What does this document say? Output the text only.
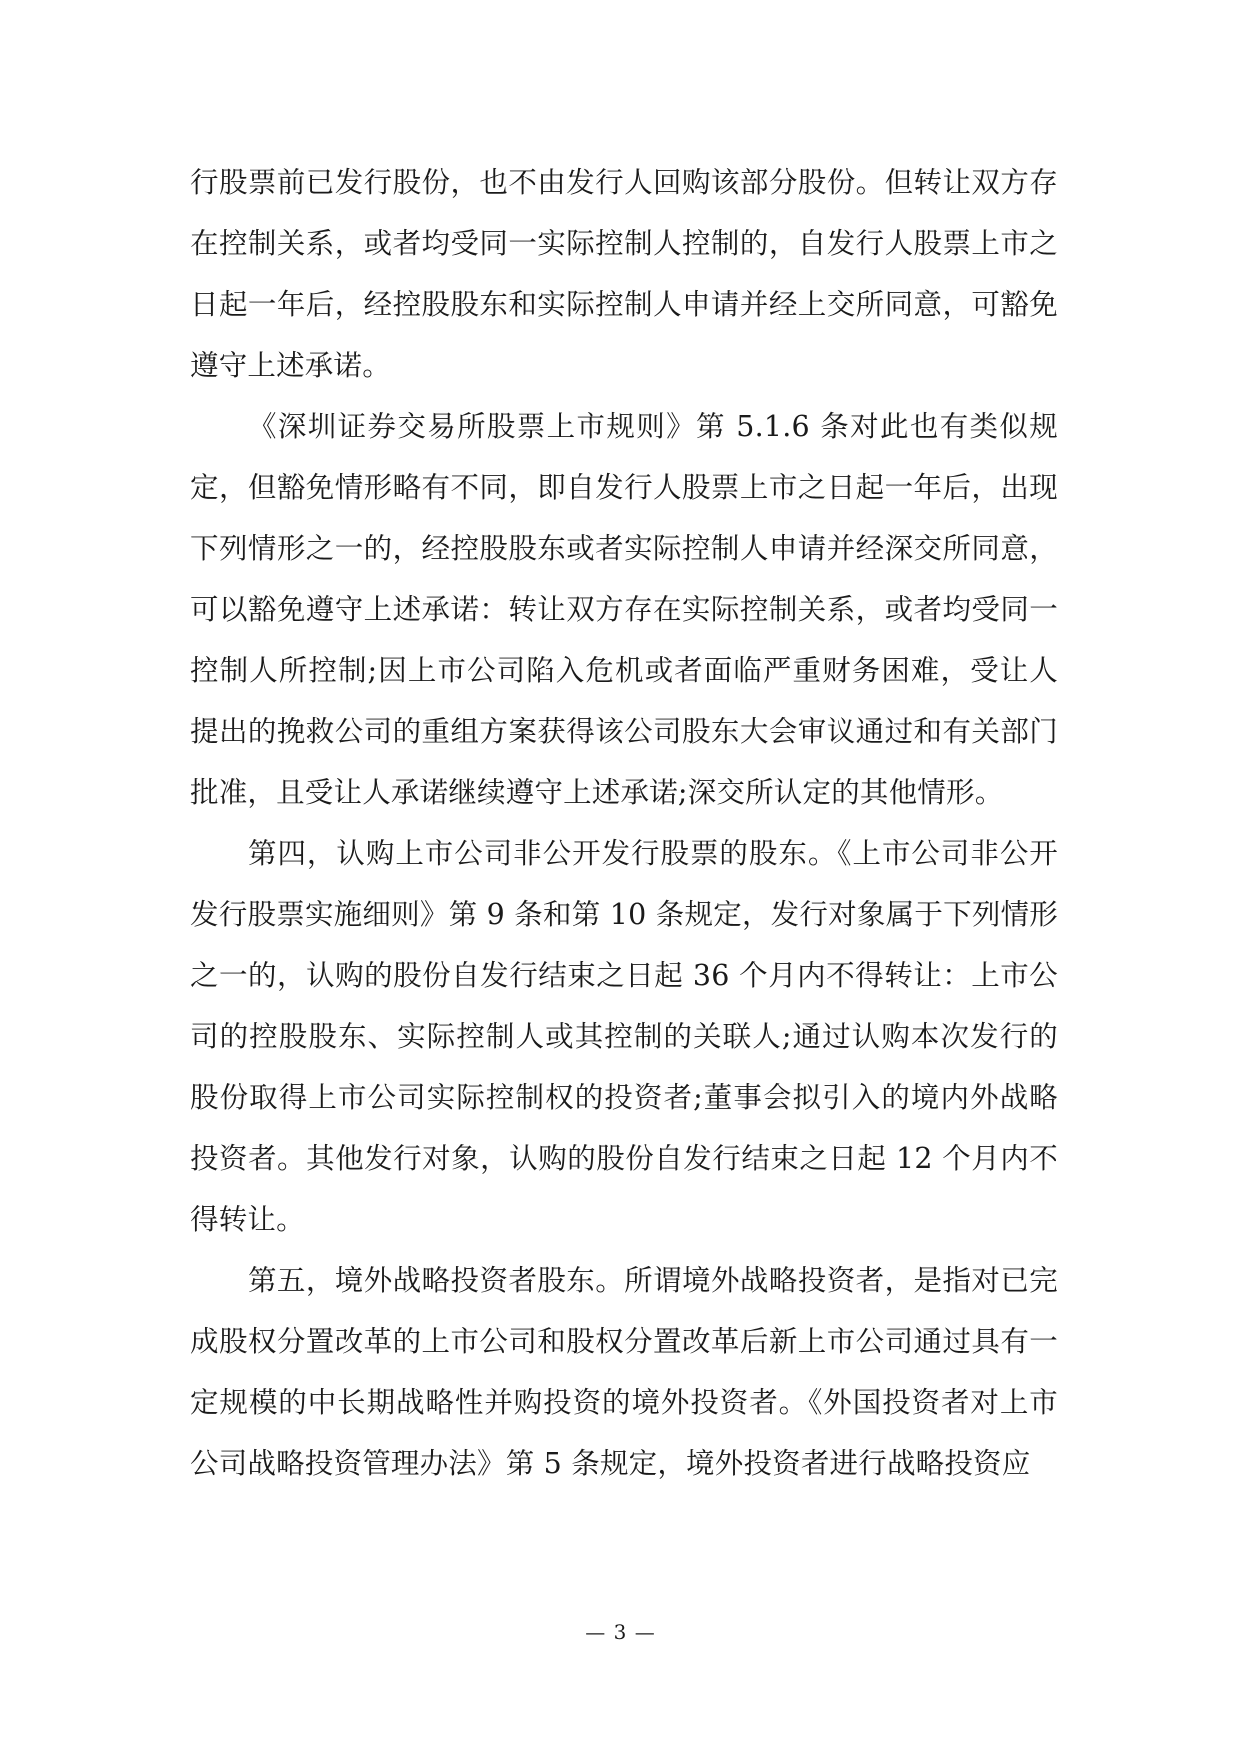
行股票前已发行股份，也不由发行人回购该部分股份。但转让双方存在控制关系，或者均受同一实际控制人控制的，自发行人股票上市之日起一年后，经控股股东和实际控制人申请并经上交所同意，可豁免遵守上述承诺。

《深圳证券交易所股票上市规则》第 5.1.6 条对此也有类似规定，但豁免情形略有不同，即自发行人股票上市之日起一年后，出现下列情形之一的，经控股股东或者实际控制人申请并经深交所同意，可以豁免遵守上述承诺：转让双方存在实际控制关系，或者均受同一控制人所控制;因上市公司陷入危机或者面临严重财务困难，受让人提出的挽救公司的重组方案获得该公司股东大会审议通过和有关部门批准，且受让人承诺继续遵守上述承诺;深交所认定的其他情形。

第四，认购上市公司非公开发行股票的股东。《上市公司非公开发行股票实施细则》第 9 条和第 10 条规定，发行对象属于下列情形之一的，认购的股份自发行结束之日起 36 个月内不得转让：上市公司的控股股东、实际控制人或其控制的关联人;通过认购本次发行的股份取得上市公司实际控制权的投资者;董事会拟引入的境内外战略投资者。其他发行对象，认购的股份自发行结束之日起 12 个月内不得转让。

第五，境外战略投资者股东。所谓境外战略投资者，是指对已完成股权分置改革的上市公司和股权分置改革后新上市公司通过具有一定规模的中长期战略性并购投资的境外投资者。《外国投资者对上市公司战略投资管理办法》第 5 条规定，境外投资者进行战略投资应

— 3 —
